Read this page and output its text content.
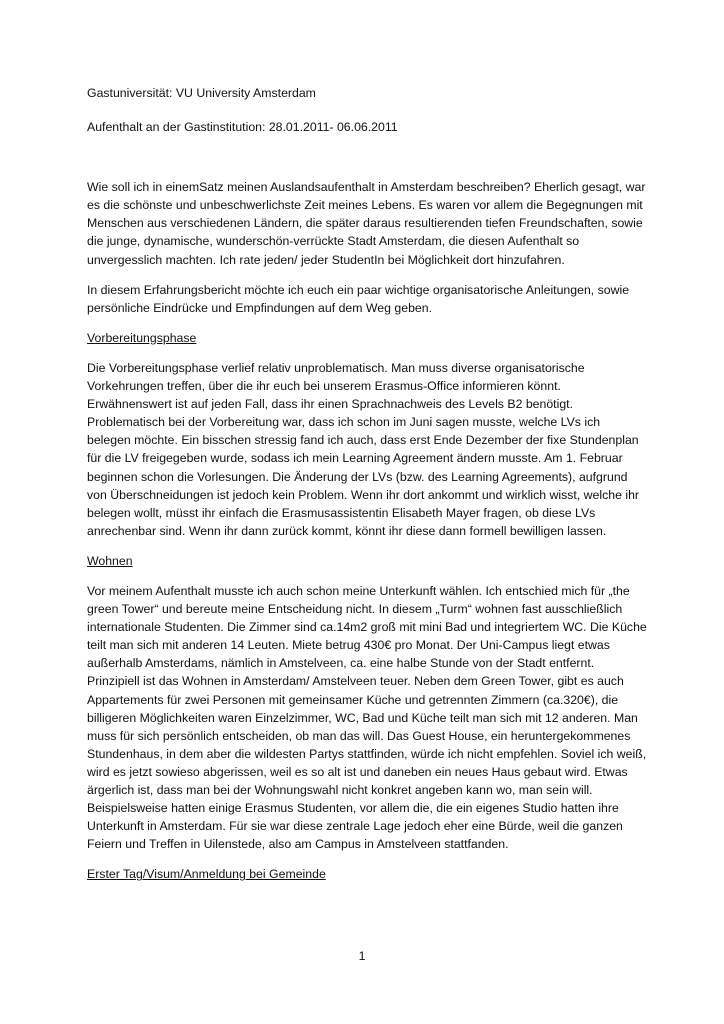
Gastuniversität: VU University Amsterdam

Aufenthalt an der Gastinstitution: 28.01.2011- 06.06.2011

Wie soll ich in einemSatz meinen Auslandsaufenthalt in Amsterdam beschreiben? Eherlich gesagt, war es die schönste und unbeschwerlichste Zeit meines Lebens. Es waren vor allem die Begegnungen mit Menschen aus verschiedenen Ländern, die später daraus resultierenden tiefen Freundschaften, sowie die junge, dynamische, wunderschön-verrückte Stadt Amsterdam, die diesen Aufenthalt so unvergesslich machten. Ich rate jeden/ jeder StudentIn bei Möglichkeit dort hinzufahren.

In diesem Erfahrungsbericht möchte ich euch ein paar wichtige organisatorische Anleitungen, sowie persönliche Eindrücke und Empfindungen auf dem Weg geben.

Vorbereitungsphase

Die Vorbereitungsphase verlief relativ unproblematisch. Man muss diverse organisatorische Vorkehrungen treffen, über die ihr euch bei unserem Erasmus-Office informieren könnt. Erwähnenswert ist auf jeden Fall, dass ihr einen Sprachnachweis des Levels B2 benötigt. Problematisch bei der Vorbereitung war, dass ich schon im Juni sagen musste, welche LVs ich belegen möchte. Ein bisschen stressig fand ich auch, dass erst Ende Dezember der fixe Stundenplan für die LV freigegeben wurde, sodass ich mein Learning Agreement ändern musste. Am 1. Februar beginnen schon die Vorlesungen. Die Änderung der LVs (bzw. des Learning Agreements), aufgrund von Überschneidungen ist jedoch kein Problem. Wenn ihr dort ankommt und wirklich wisst, welche ihr belegen wollt, müsst ihr einfach die Erasmusassistentin Elisabeth Mayer fragen, ob diese LVs anrechenbar sind. Wenn ihr dann zurück kommt, könnt ihr diese dann formell bewilligen lassen.

Wohnen

Vor meinem Aufenthalt musste ich auch schon meine Unterkunft wählen. Ich entschied mich für „the green Tower“ und bereute meine Entscheidung nicht. In diesem „Turm“ wohnen fast ausschließlich internationale Studenten. Die Zimmer sind ca.14m2 groß mit mini Bad und integriertem WC. Die Küche teilt man sich mit anderen 14 Leuten. Miete betrug 430€ pro Monat. Der Uni-Campus liegt etwas außerhalb Amsterdams, nämlich in Amstelveen, ca. eine halbe Stunde von der Stadt entfernt. Prinzipiell ist das Wohnen in Amsterdam/ Amstelveen teuer. Neben dem Green Tower, gibt es auch Appartements für zwei Personen mit gemeinsamer Küche und getrennten Zimmern (ca.320€), die billigeren Möglichkeiten waren Einzelzimmer, WC, Bad und Küche teilt man sich mit 12 anderen. Man muss für sich persönlich entscheiden, ob man das will. Das Guest House, ein heruntergekommenes Stundenhaus, in dem aber die wildesten Partys stattfinden, würde ich nicht empfehlen. Soviel ich weiß, wird es jetzt sowieso abgerissen, weil es so alt ist und daneben ein neues Haus gebaut wird. Etwas ärgerlich ist, dass man bei der Wohnungswahl nicht konkret angeben kann wo, man sein will. Beispielsweise hatten einige Erasmus Studenten, vor allem die, die ein eigenes Studio hatten ihre Unterkunft in Amsterdam. Für sie war diese zentrale Lage jedoch eher eine Bürde, weil die ganzen Feiern und Treffen in Uilenstede, also am Campus in Amstelveen stattfanden.

Erster Tag/Visum/Anmeldung bei Gemeinde

1
